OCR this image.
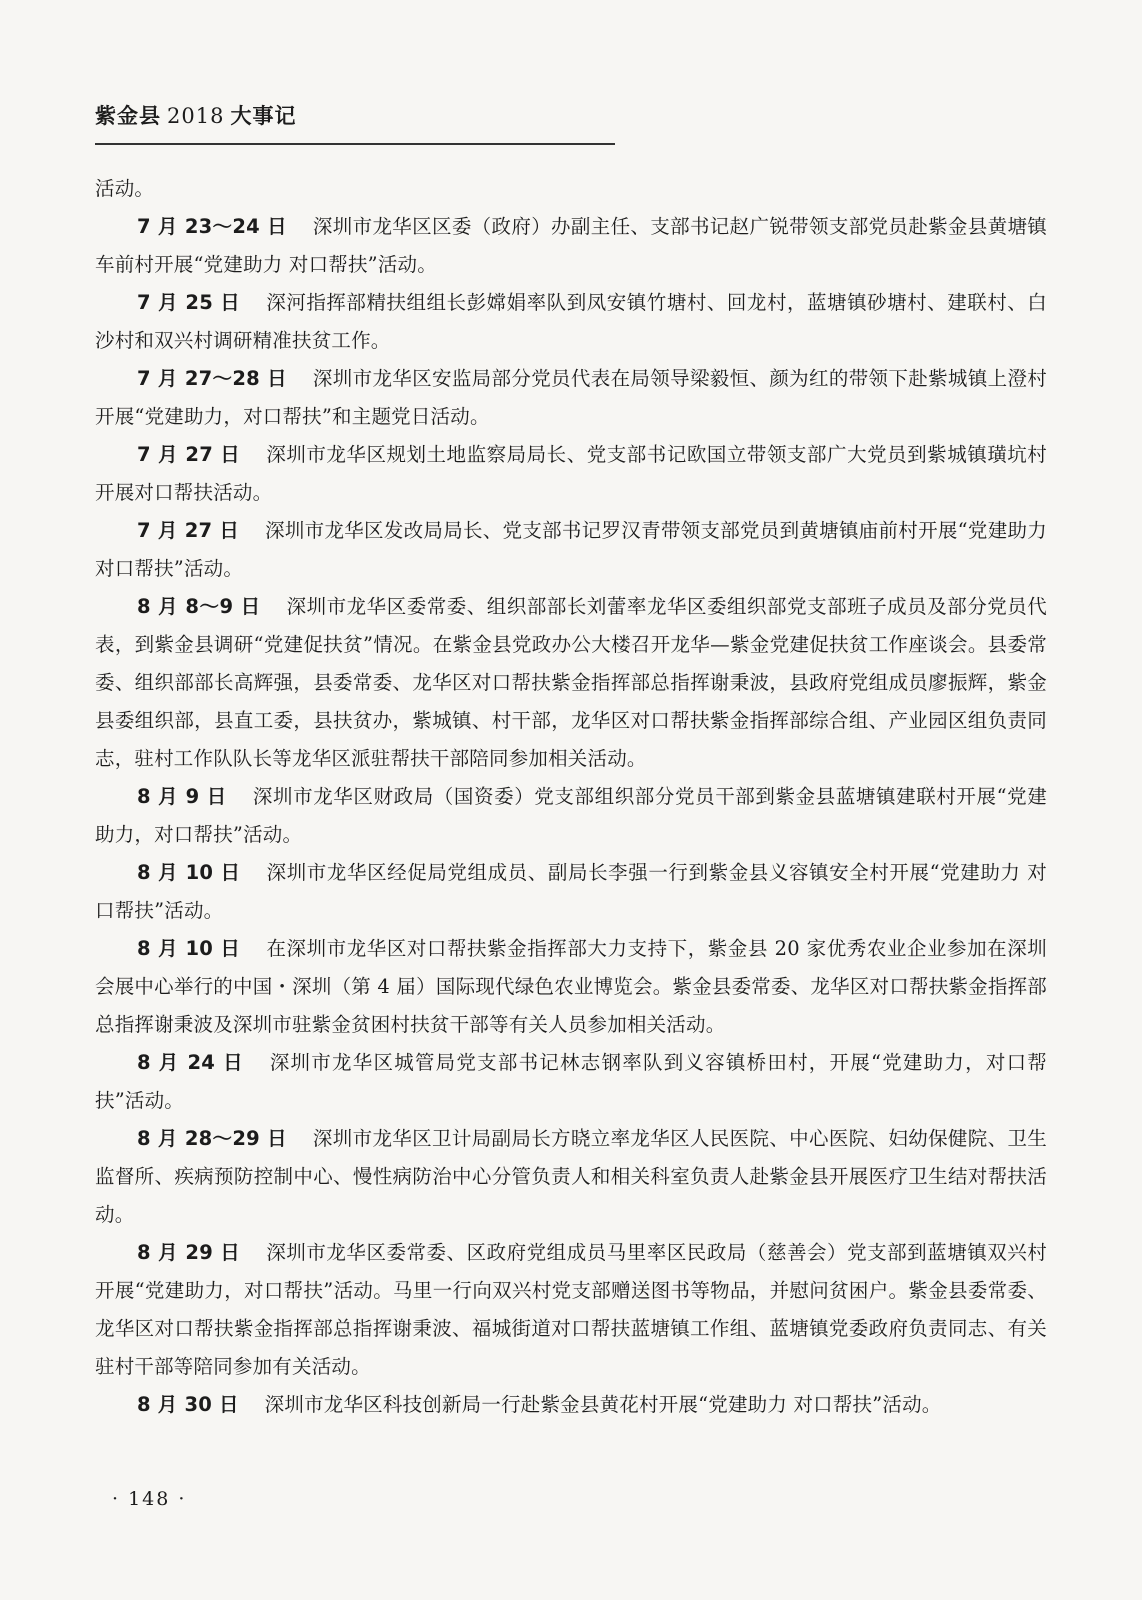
紫金县 2018 大事记

活动。

7 月 23～24 日 深圳市龙华区区委（政府）办副主任、支部书记赵广锐带领支部党员赴紫金县黄塘镇车前村开展“党建助力 对口帮扶”活动。

7 月 25 日 深河指挥部精扶组组长彭嫦娟率队到凤安镇竹塘村、回龙村，蓝塘镇砂塘村、建联村、白沙村和双兴村调研精准扶贫工作。

7 月 27～28 日 深圳市龙华区安监局部分党员代表在局领导梁毅恒、颜为红的带领下赴紫城镇上澄村开展“党建助力，对口帮扶”和主题党日活动。

7 月 27 日 深圳市龙华区规划土地监察局局长、党支部书记欧国立带领支部广大党员到紫城镇璜坑村开展对口帮扶活动。

7 月 27 日 深圳市龙华区发改局局长、党支部书记罗汉青带领支部党员到黄塘镇庙前村开展“党建助力 对口帮扶”活动。

8 月 8～9 日 深圳市龙华区委常委、组织部部长刘蕾率龙华区委组织部党支部班子成员及部分党员代表，到紫金县调研“党建促扶贫”情况。在紫金县党政办公大楼召开龙华—紫金党建促扶贫工作座谈会。县委常委、组织部部长高辉强，县委常委、龙华区对口帮扶紫金指挥部总指挥谢秉波，县政府党组成员廖振辉，紫金县委组织部，县直工委，县扶贫办，紫城镇、村干部，龙华区对口帮扶紫金指挥部综合组、产业园区组负责同志，驻村工作队队长等龙华区派驻帮扶干部陪同参加相关活动。

8 月 9 日 深圳市龙华区财政局（国资委）党支部组织部分党员干部到紫金县蓝塘镇建联村开展“党建助力，对口帮扶”活动。

8 月 10 日 深圳市龙华区经促局党组成员、副局长李强一行到紫金县义容镇安全村开展“党建助力 对口帮扶”活动。

8 月 10 日 在深圳市龙华区对口帮扶紫金指挥部大力支持下，紫金县 20 家优秀农业企业参加在深圳会展中心举行的中国・深圳（第 4 届）国际现代绿色农业博览会。紫金县委常委、龙华区对口帮扶紫金指挥部总指挥谢秉波及深圳市驻紫金贫困村扶贫干部等有关人员参加相关活动。

8 月 24 日 深圳市龙华区城管局党支部书记林志钢率队到义容镇桥田村，开展“党建助力，对口帮扶”活动。

8 月 28～29 日 深圳市龙华区卫计局副局长方晓立率龙华区人民医院、中心医院、妇幼保健院、卫生监督所、疾病预防控制中心、慢性病防治中心分管负责人和相关科室负责人赴紫金县开展医疗卫生结对帮扶活动。

8 月 29 日 深圳市龙华区委常委、区政府党组成员马里率区民政局（慈善会）党支部到蓝塘镇双兴村开展“党建助力，对口帮扶”活动。马里一行向双兴村党支部赠送图书等物品，并慰问贫困户。紫金县委常委、龙华区对口帮扶紫金指挥部总指挥谢秉波、福城街道对口帮扶蓝塘镇工作组、蓝塘镇党委政府负责同志、有关驻村干部等陪同参加有关活动。

8 月 30 日 深圳市龙华区科技创新局一行赴紫金县黄花村开展“党建助力 对口帮扶”活动。

· 148 ·
